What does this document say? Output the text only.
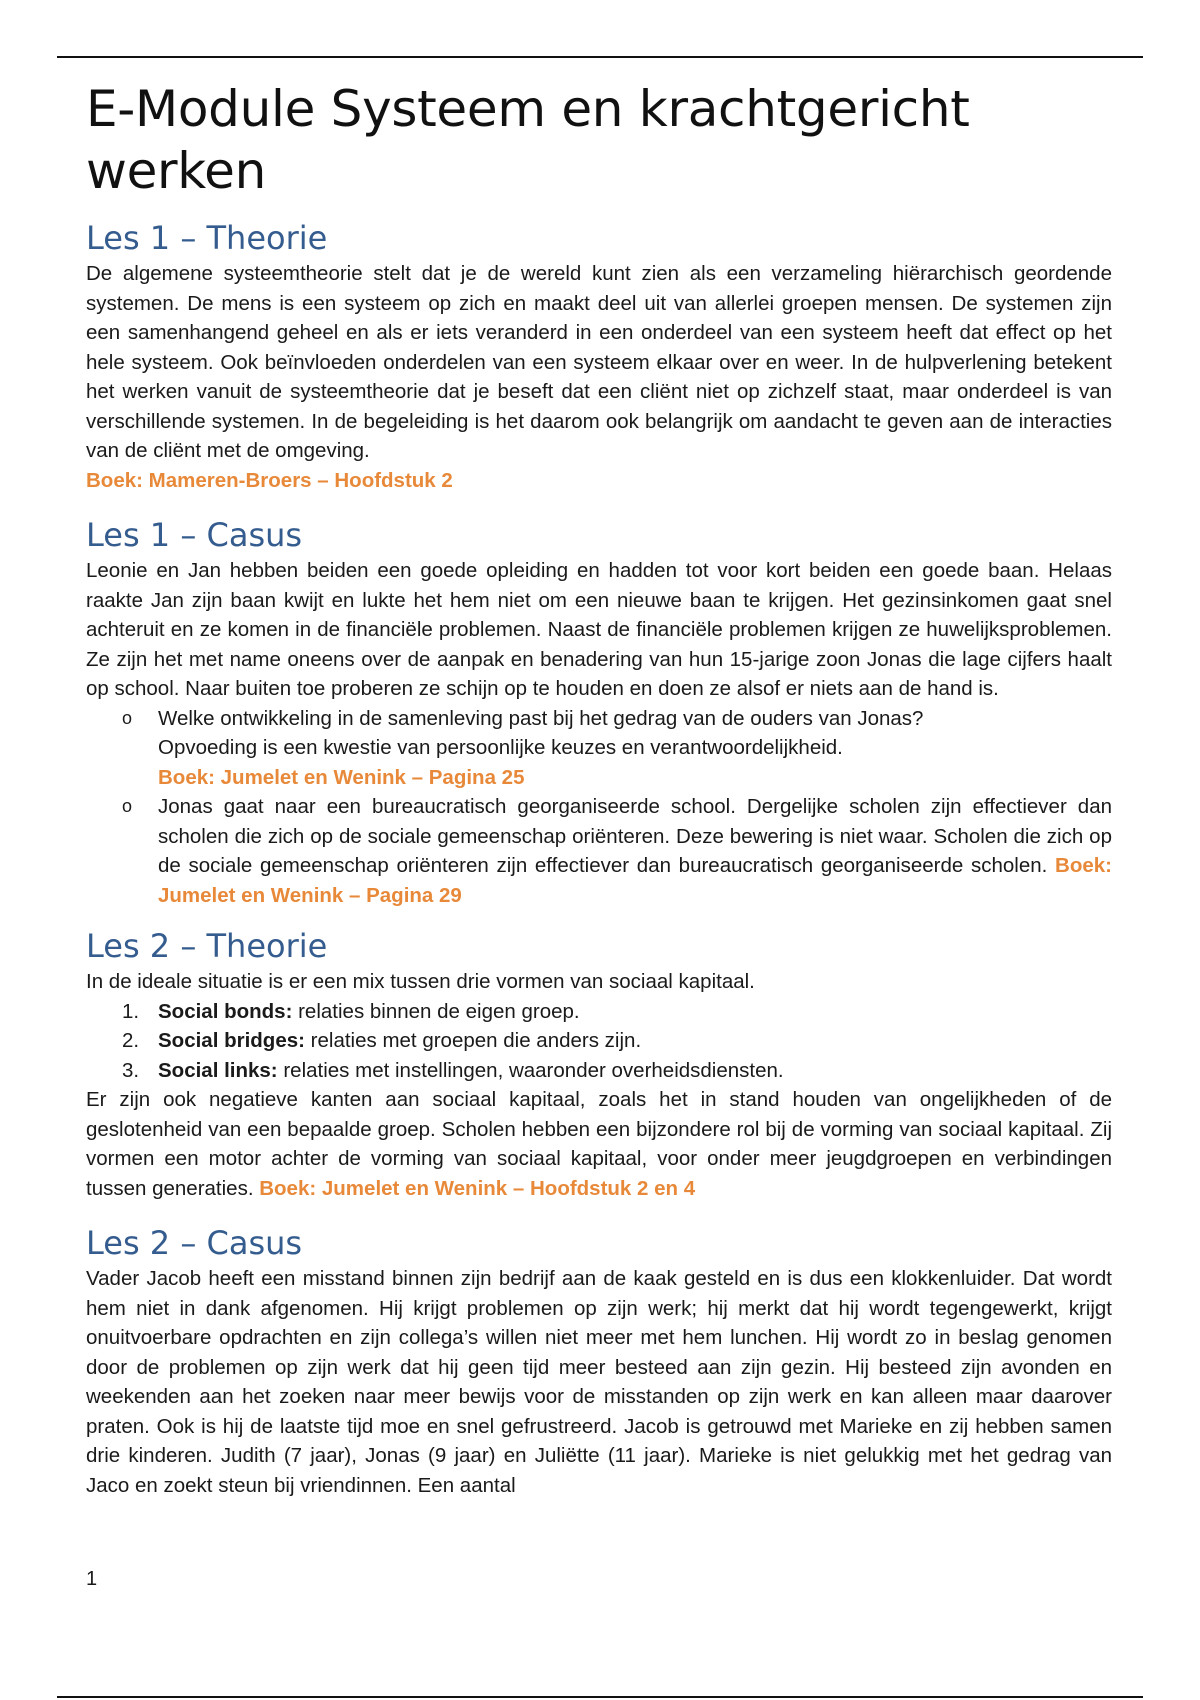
E-Module Systeem en krachtgericht werken
Les 1 – Theorie

De algemene systeemtheorie stelt dat je de wereld kunt zien als een verzameling hiërarchisch geordende systemen. De mens is een systeem op zich en maakt deel uit van allerlei groepen mensen. De systemen zijn een samenhangend geheel en als er iets veranderd in een onderdeel van een systeem heeft dat effect op het hele systeem. Ook beïnvloeden onderdelen van een systeem elkaar over en weer. In de hulpverlening betekent het werken vanuit de systeemtheorie dat je beseft dat een cliënt niet op zichzelf staat, maar onderdeel is van verschillende systemen. In de begeleiding is het daarom ook belangrijk om aandacht te geven aan de interacties van de cliënt met de omgeving.

Boek: Mameren-Broers – Hoofdstuk 2

Les 1 – Casus

Leonie en Jan hebben beiden een goede opleiding en hadden tot voor kort beiden een goede baan. Helaas raakte Jan zijn baan kwijt en lukte het hem niet om een nieuwe baan te krijgen. Het gezinsinkomen gaat snel achteruit en ze komen in de financiële problemen. Naast de financiële problemen krijgen ze huwelijksproblemen. Ze zijn het met name oneens over de aanpak en benadering van hun 15-jarige zoon Jonas die lage cijfers haalt op school. Naar buiten toe proberen ze schijn op te houden en doen ze alsof er niets aan de hand is.

o Welke ontwikkeling in de samenleving past bij het gedrag van de ouders van Jonas?
Opvoeding is een kwestie van persoonlijke keuzes en verantwoordelijkheid.
Boek: Jumelet en Wenink – Pagina 25
o Jonas gaat naar een bureaucratisch georganiseerde school. Dergelijke scholen zijn effectiever dan scholen die zich op de sociale gemeenschap oriënteren. Deze bewering is niet waar. Scholen die zich op de sociale gemeenschap oriënteren zijn effectiever dan bureaucratisch georganiseerde scholen. Boek: Jumelet en Wenink – Pagina 29
Les 2 – Theorie

In de ideale situatie is er een mix tussen drie vormen van sociaal kapitaal.

1. Social bonds: relaties binnen de eigen groep.
2. Social bridges: relaties met groepen die anders zijn.
3. Social links: relaties met instellingen, waaronder overheidsdiensten.

Er zijn ook negatieve kanten aan sociaal kapitaal, zoals het in stand houden van ongelijkheden of de geslotenheid van een bepaalde groep. Scholen hebben een bijzondere rol bij de vorming van sociaal kapitaal. Zij vormen een motor achter de vorming van sociaal kapitaal, voor onder meer jeugdgroepen en verbindingen tussen generaties. Boek: Jumelet en Wenink – Hoofdstuk 2 en 4

Les 2 – Casus

Vader Jacob heeft een misstand binnen zijn bedrijf aan de kaak gesteld en is dus een klokkenluider. Dat wordt hem niet in dank afgenomen. Hij krijgt problemen op zijn werk; hij merkt dat hij wordt tegengewerkt, krijgt onuitvoerbare opdrachten en zijn collega’s willen niet meer met hem lunchen. Hij wordt zo in beslag genomen door de problemen op zijn werk dat hij geen tijd meer besteed aan zijn gezin. Hij besteed zijn avonden en weekenden aan het zoeken naar meer bewijs voor de misstanden op zijn werk en kan alleen maar daarover praten. Ook is hij de laatste tijd moe en snel gefrustreerd. Jacob is getrouwd met Marieke en zij hebben samen drie kinderen. Judith (7 jaar), Jonas (9 jaar) en Juliëtte (11 jaar). Marieke is niet gelukkig met het gedrag van Jaco en zoekt steun bij vriendinnen. Een aantal

1
